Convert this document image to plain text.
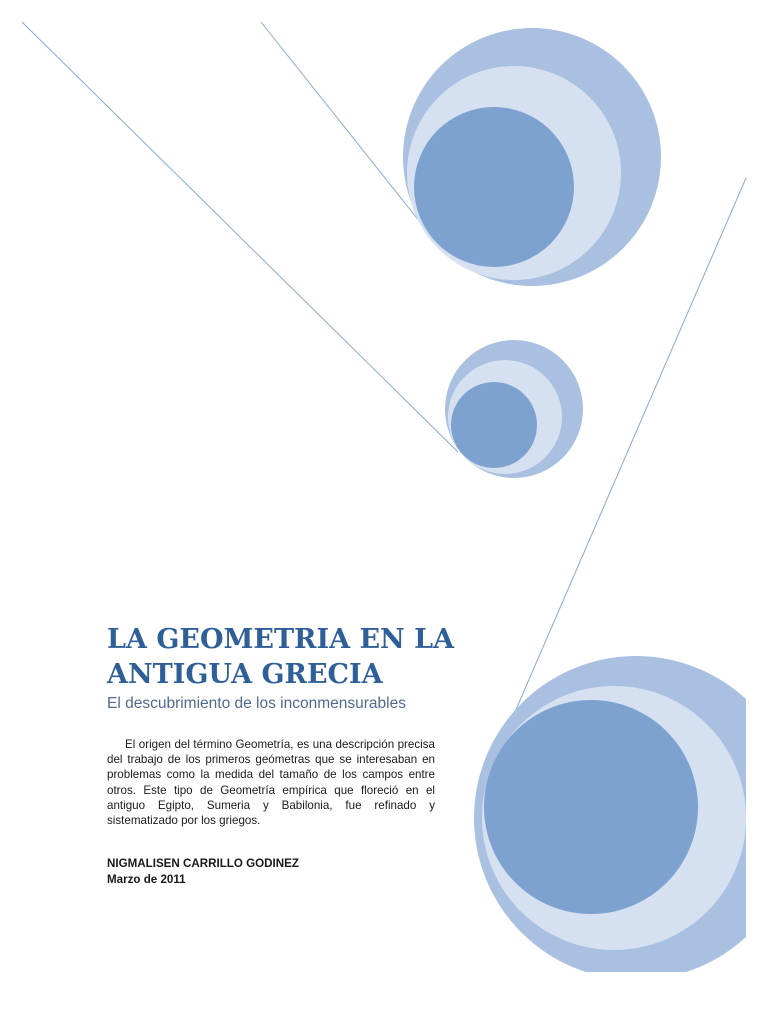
LA GEOMETRIA EN LA
ANTIGUA GRECIA
El descubrimiento de los inconmensurables

El origen del término Geometría, es una descripción precisa del trabajo de los primeros geómetras que se interesaban en problemas como la medida del tamaño de los campos entre otros. Este tipo de Geometría empírica que floreció en el antiguo Egipto, Sumeria y Babilonia, fue refinado y sistematizado por los griegos.

NIGMALISEN CARRILLO GODINEZ
Marzo de 2011
